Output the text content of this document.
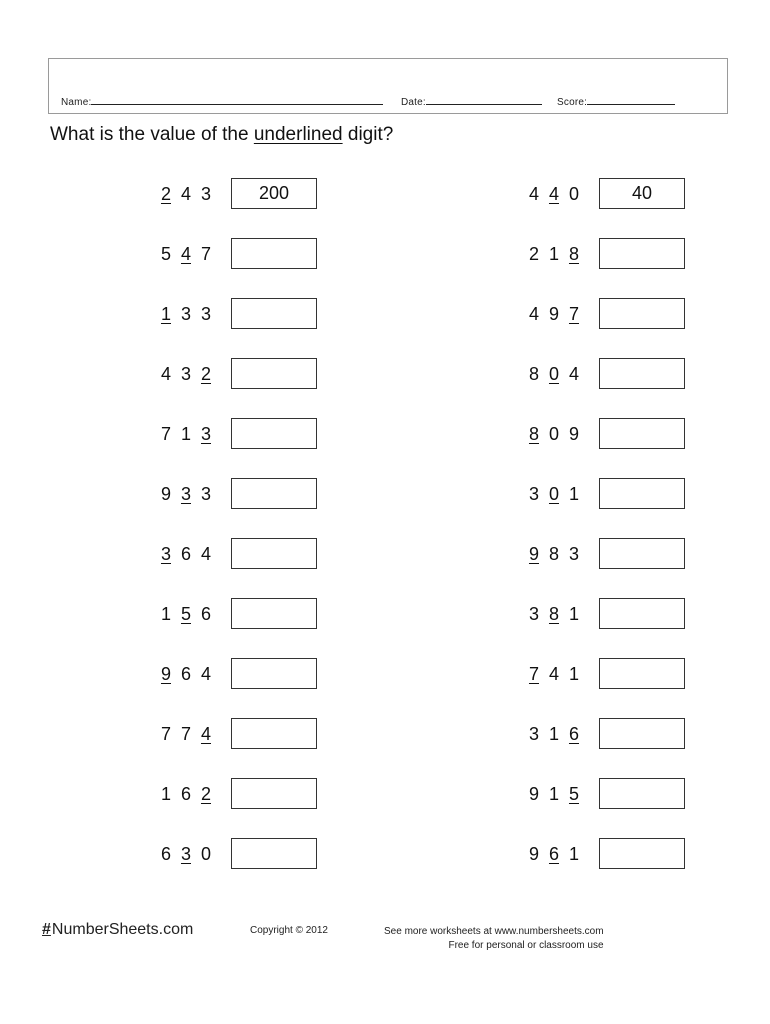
Name:	Date:	Score:
What is the value of the underlined digit?
2 4 3	200
5 4 7
1 3 3
4 3 2
7 1 3
9 3 3
3 6 4
1 5 6
9 6 4
7 7 4
1 6 2
6 3 0
4 4 0	40
2 1 8
4 9 7
8 0 4
8 0 9
3 0 1
9 8 3
3 8 1
7 4 1
3 1 6
9 1 5
9 6 1
#NumberSheets.com	Copyright © 2012	See more worksheets at www.numbersheets.com
Free for personal or classroom use
